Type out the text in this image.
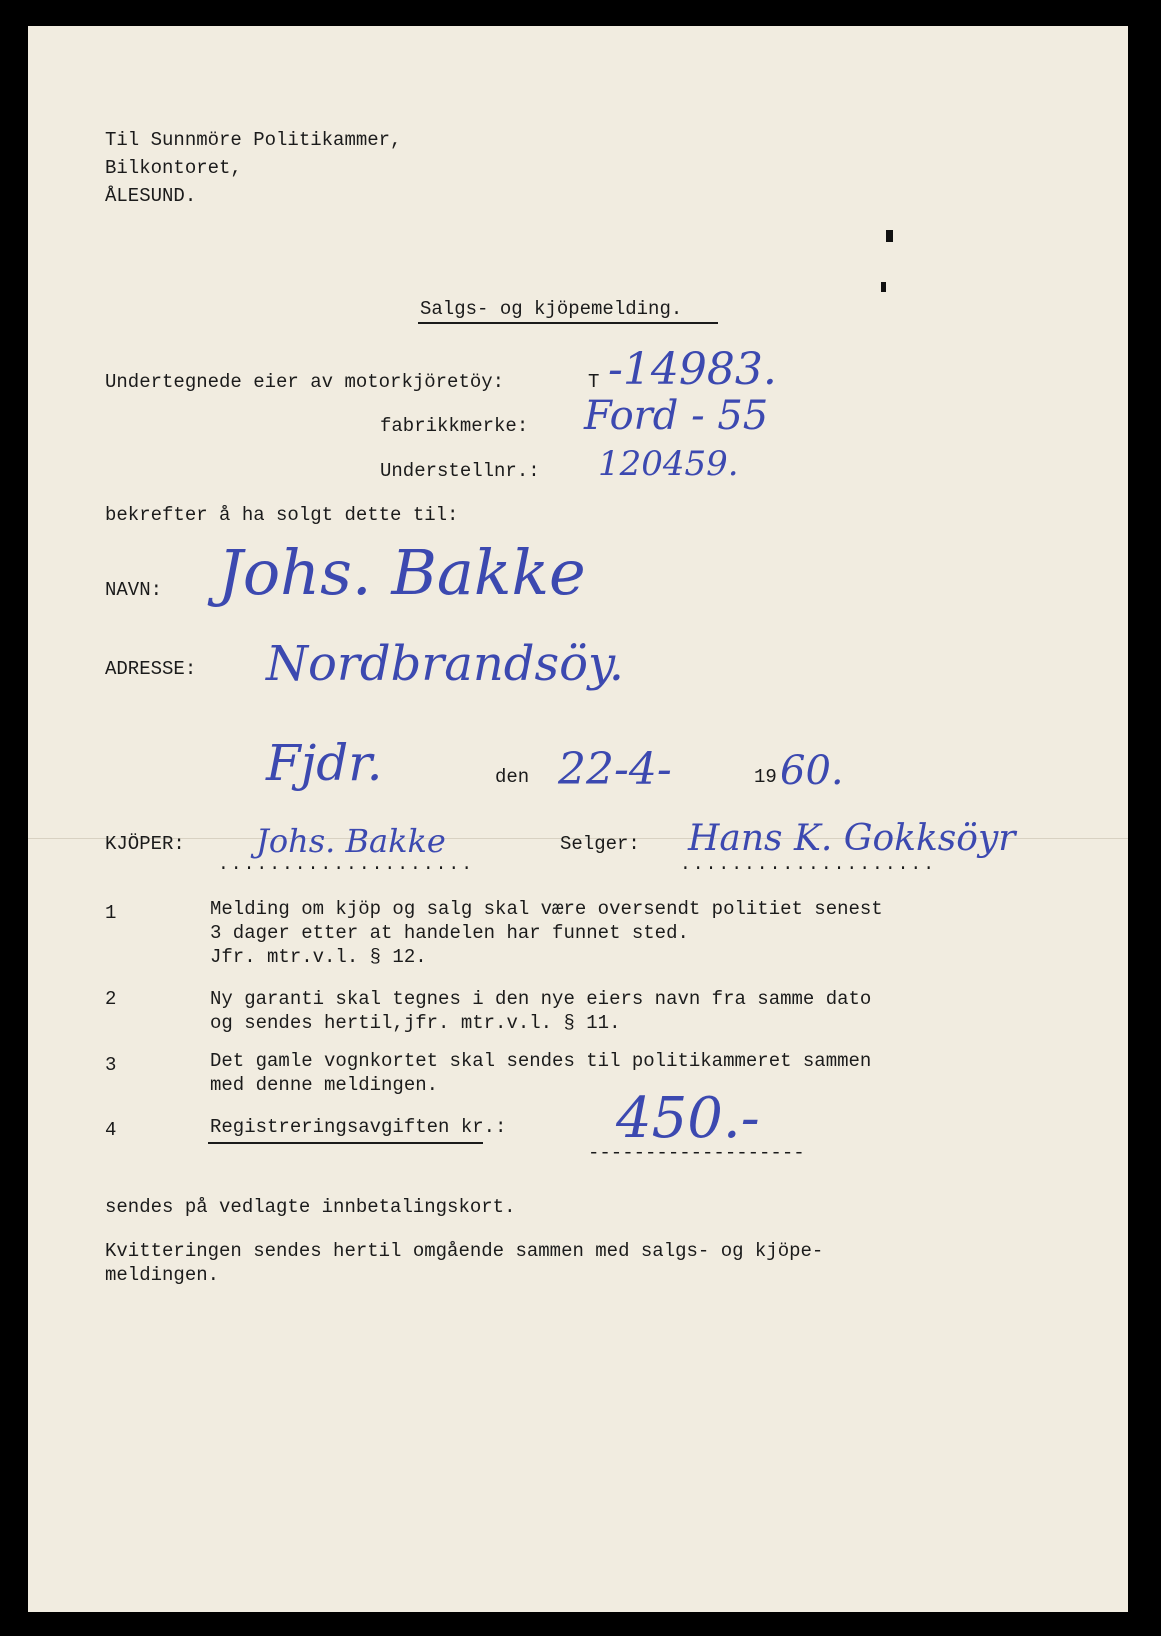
Til Sunnmöre Politikammer,
Bilkontoret,
ÅLESUND.
Salgs- og kjöpemelding.
Undertegnede eier av motorkjöretöy:	T -14983.
fabrikkmerke: Ford - 55
Understellnr.: 120459.
bekrefter å ha solgt dette til:
NAVN: Johs. Bakke
ADRESSE: Nordbrandsöy.
Fjdr.	den 22-4-	19 60.
KJÖPER: Johs. Bakke
....................
Selger: Hans K. Gokksöyr
....................
1	Melding om kjöp og salg skal være oversendt politiet senest
3 dager etter at handelen har funnet sted.
Jfr. mtr.v.l. § 12.
2	Ny garanti skal tegnes i den nye eiers navn fra samme dato
og sendes hertil,jfr. mtr.v.l. § 11.
3	Det gamle vognkortet skal sendes til politikammeret sammen
med denne meldingen.
4	Registreringsavgiften kr.: 450.-
-------------------
sendes på vedlagte innbetalingskort.
Kvitteringen sendes hertil omgående sammen med salgs- og kjöpe-
meldingen.
